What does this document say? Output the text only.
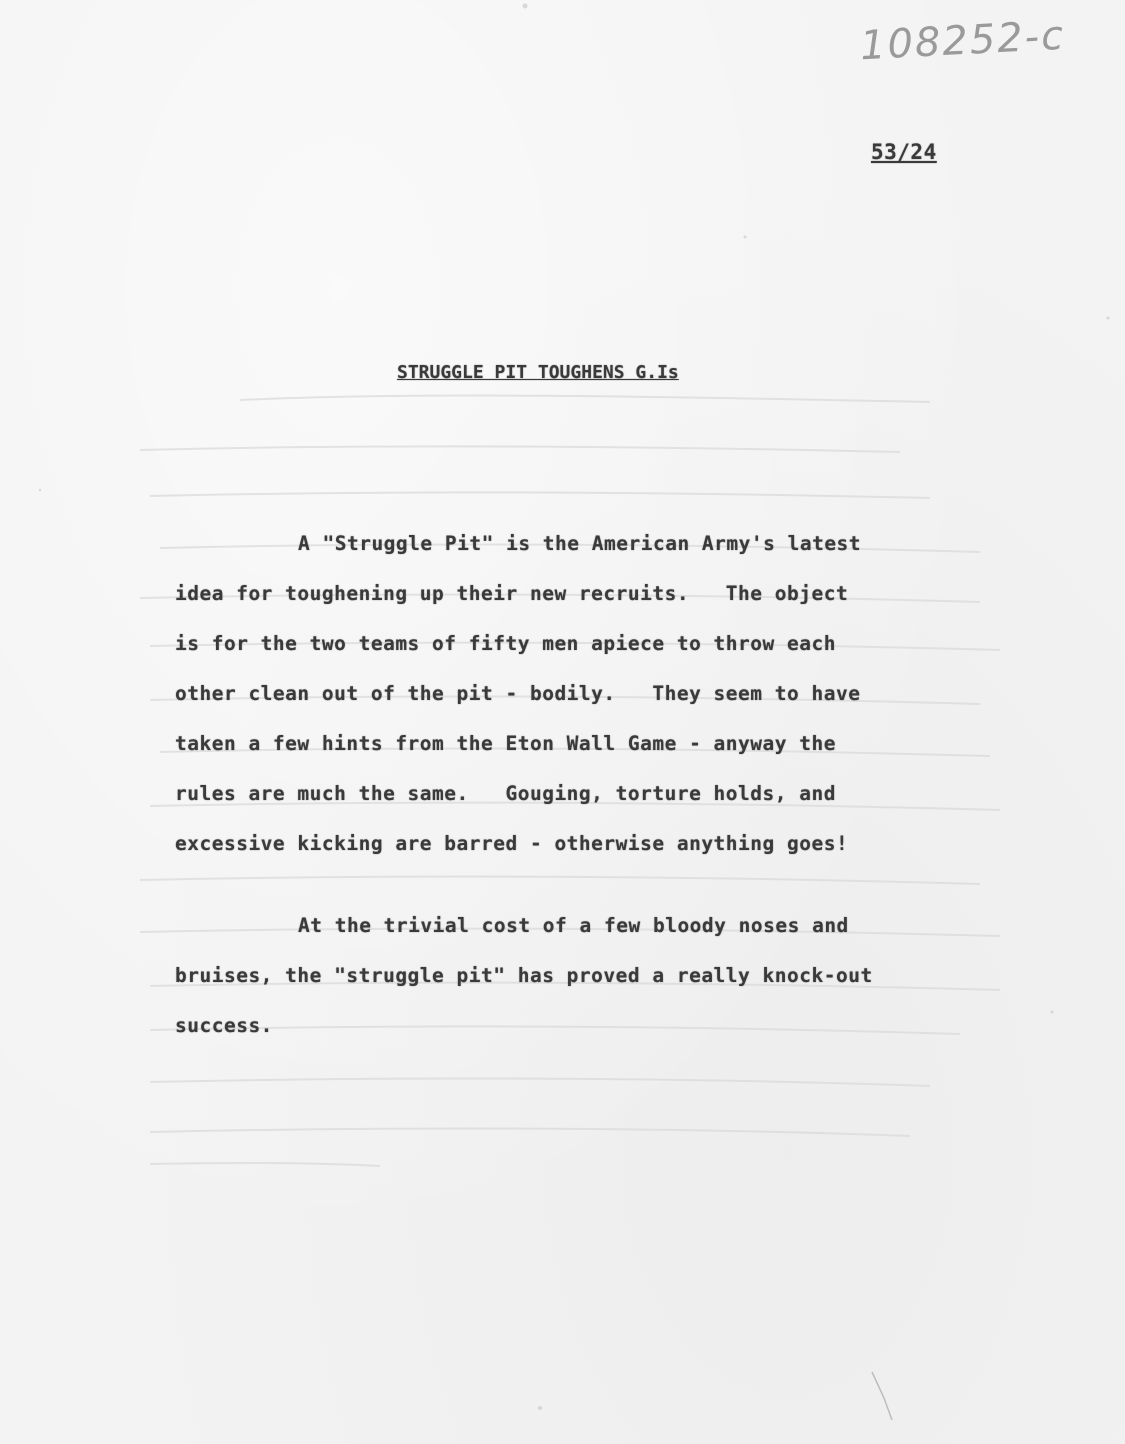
108252-c
53/24
STRUGGLE PIT TOUGHENS G.Is
A "Struggle Pit" is the American Army's latest
idea for toughening up their new recruits.   The object
is for the two teams of fifty men apiece to throw each
other clean out of the pit - bodily.   They seem to have
taken a few hints from the Eton Wall Game - anyway the
rules are much the same.   Gouging, torture holds, and
excessive kicking are barred - otherwise anything goes!
At the trivial cost of a few bloody noses and
bruises, the "struggle pit" has proved a really knock-out
success.
